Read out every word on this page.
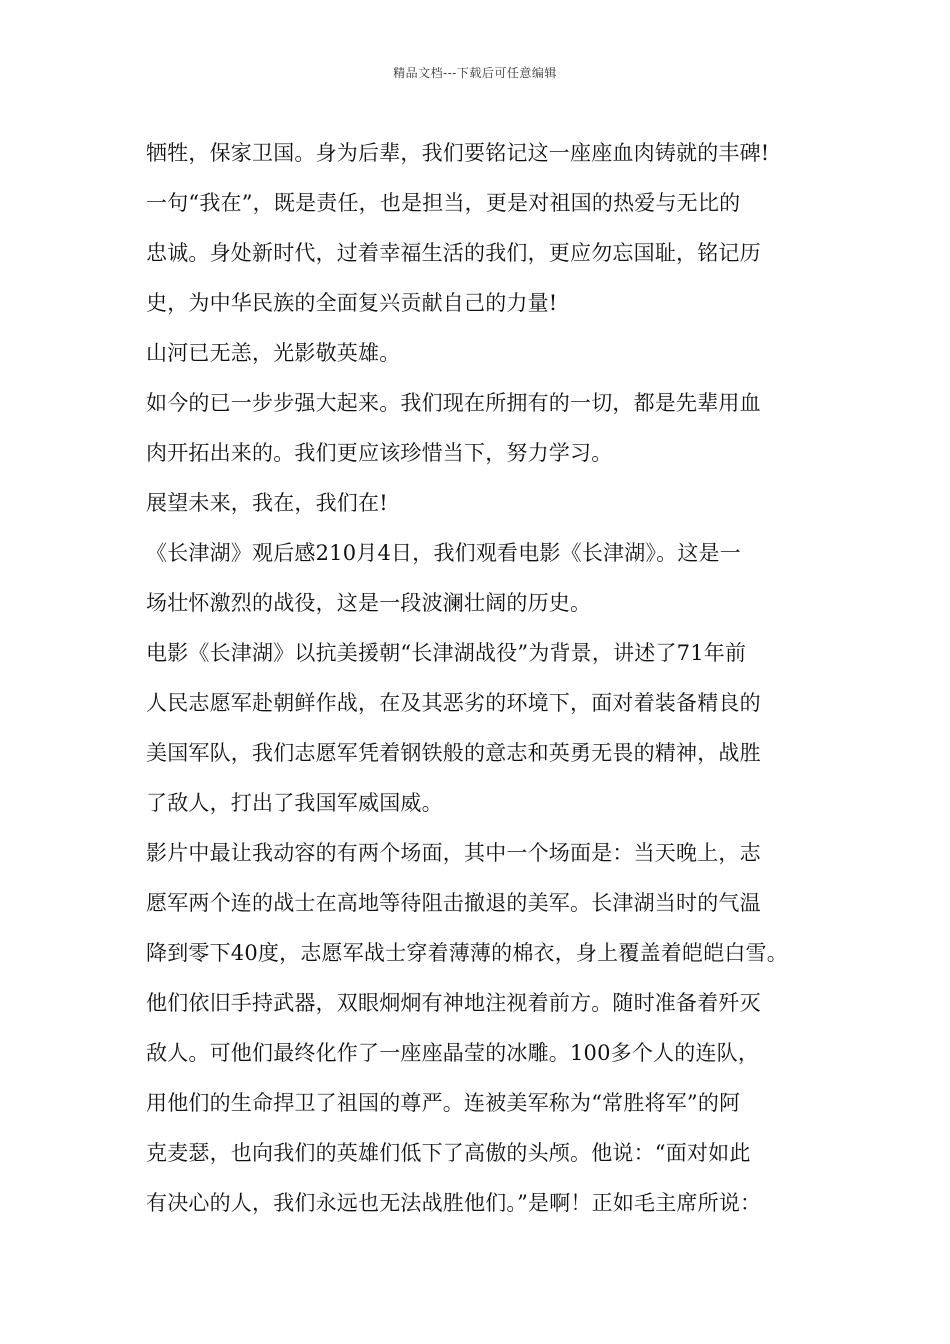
精品文档---下载后可任意编辑
牺牲，保家卫国。身为后辈，我们要铭记这一座座血肉铸就的丰碑!
一句“我在”，既是责任，也是担当，更是对祖国的热爱与无比的
忠诚。身处新时代，过着幸福生活的我们，更应勿忘国耻，铭记历
史，为中华民族的全面复兴贡献自己的力量!
山河已无恙，光影敬英雄。
如今的已一步步强大起来。我们现在所拥有的一切，都是先辈用血
肉开拓出来的。我们更应该珍惜当下，努力学习。
展望未来，我在，我们在!
《长津湖》观后感210月4日，我们观看电影《长津湖》。这是一
场壮怀激烈的战役，这是一段波澜壮阔的历史。
电影《长津湖》以抗美援朝“长津湖战役”为背景，讲述了71年前
人民志愿军赴朝鲜作战，在及其恶劣的环境下，面对着装备精良的
美国军队，我们志愿军凭着钢铁般的意志和英勇无畏的精神，战胜
了敌人，打出了我国军威国威。
影片中最让我动容的有两个场面，其中一个场面是：当天晚上，志
愿军两个连的战士在高地等待阻击撤退的美军。长津湖当时的气温
降到零下40度，志愿军战士穿着薄薄的棉衣，身上覆盖着皑皑白雪。
他们依旧手持武器，双眼炯炯有神地注视着前方。随时准备着歼灭
敌人。可他们最终化作了一座座晶莹的冰雕。100多个人的连队，
用他们的生命捍卫了祖国的尊严。连被美军称为“常胜将军”的阿
克麦瑟，也向我们的英雄们低下了高傲的头颅。他说：“面对如此
有决心的人，我们永远也无法战胜他们。”是啊！正如毛主席所说：
